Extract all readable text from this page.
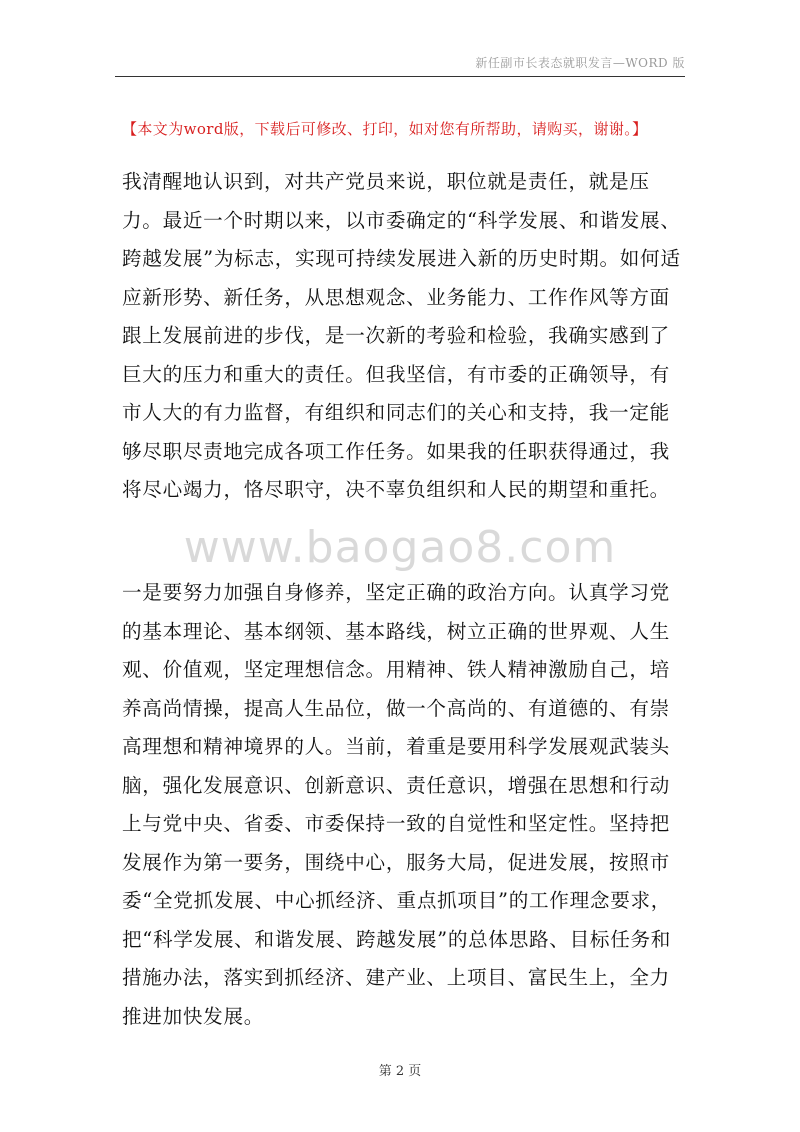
新任副市长表态就职发言—WORD 版
【本文为word版，下载后可修改、打印，如对您有所帮助，请购买，谢谢。】

我清醒地认识到，对共产党员来说，职位就是责任，就是压力。最近一个时期以来，以市委确定的“科学发展、和谐发展、跨越发展”为标志，实现可持续发展进入新的历史时期。如何适应新形势、新任务，从思想观念、业务能力、工作作风等方面跟上发展前进的步伐，是一次新的考验和检验，我确实感到了巨大的压力和重大的责任。但我坚信，有市委的正确领导，有市人大的有力监督，有组织和同志们的关心和支持，我一定能够尽职尽责地完成各项工作任务。如果我的任职获得通过，我将尽心竭力，恪尽职守，决不辜负组织和人民的期望和重托。

www.baogao8.com

一是要努力加强自身修养，坚定正确的政治方向。认真学习党的基本理论、基本纲领、基本路线，树立正确的世界观、人生观、价值观，坚定理想信念。用精神、铁人精神激励自己，培养高尚情操，提高人生品位，做一个高尚的、有道德的、有崇高理想和精神境界的人。当前，着重是要用科学发展观武装头脑，强化发展意识、创新意识、责任意识，增强在思想和行动上与党中央、省委、市委保持一致的自觉性和坚定性。坚持把发展作为第一要务，围绕中心，服务大局，促进发展，按照市委“全党抓发展、中心抓经济、重点抓项目”的工作理念要求，把“科学发展、和谐发展、跨越发展”的总体思路、目标任务和措施办法，落实到抓经济、建产业、上项目、富民生上，全力推进加快发展。

第 2 页
